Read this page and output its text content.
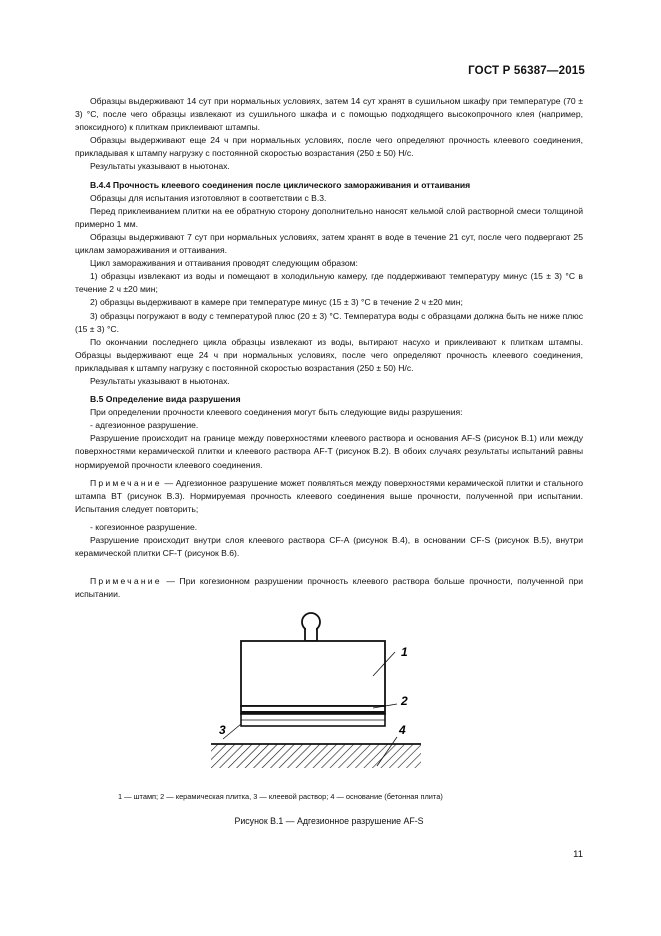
ГОСТ Р 56387—2015

Образцы выдерживают 14 сут при нормальных условиях, затем 14 сут хранят в сушильном шкафу при температуре (70 ± 3) °С, после чего образцы извлекают из сушильного шкафа и с помощью подходящего высокопрочного клея (например, эпоксидного) к плиткам приклеивают штампы.

Образцы выдерживают еще 24 ч при нормальных условиях, после чего определяют прочность клеевого соединения, прикладывая к штампу нагрузку с постоянной скоростью возрастания (250 ± 50) Н/с.

Результаты указывают в ньютонах.

В.4.4 Прочность клеевого соединения после циклического замораживания и оттаивания

Образцы для испытания изготовляют в соответствии с В.3.

Перед приклеиванием плитки на ее обратную сторону дополнительно наносят кельмой слой растворной смеси толщиной примерно 1 мм.

Образцы выдерживают 7 сут при нормальных условиях, затем хранят в воде в течение 21 сут, после чего подвергают 25 циклам замораживания и оттаивания.

Цикл замораживания и оттаивания проводят следующим образом:

1) образцы извлекают из воды и помещают в холодильную камеру, где поддерживают температуру минус (15 ± 3) °С в течение 2 ч ±20 мин;

2) образцы выдерживают в камере при температуре минус (15 ± 3) °С в течение 2 ч ±20 мин;

3) образцы погружают в воду с температурой плюс (20 ± 3) °С. Температура воды с образцами должна быть не ниже плюс (15 ± 3) °С.

По окончании последнего цикла образцы извлекают из воды, вытирают насухо и приклеивают к плиткам штампы. Образцы выдерживают еще 24 ч при нормальных условиях, после чего определяют прочность клеевого соединения, прикладывая к штампу нагрузку с постоянной скоростью возрастания (250 ± 50) Н/с.

Результаты указывают в ньютонах.

В.5 Определение вида разрушения

При определении прочности клеевого соединения могут быть следующие виды разрушения:

- адгезионное разрушение.

Разрушение происходит на границе между поверхностями клеевого раствора и основания AF-S (рисунок В.1) или между поверхностями керамической плитки и клеевого раствора AF-T (рисунок В.2). В обоих случаях результаты испытаний равны нормируемой прочности клеевого соединения.

Примечание — Адгезионное разрушение может появляться между поверхностями керамической плитки и стального штампа BT (рисунок В.3). Нормируемая прочность клеевого соединения выше прочности, полученной при испытании. Испытания следует повторить;

- когезионное разрушение.

Разрушение происходит внутри слоя клеевого раствора CF-A (рисунок В.4), в основании CF-S (рисунок В.5), внутри керамической плитки CF-T (рисунок В.6).

Примечание — При когезионном разрушении прочность клеевого раствора больше прочности, полученной при испытании.

1
2
3	4
1 — штамп; 2 — керамическая плитка, 3 — клеевой раствор; 4 — основание (бетонная плита)
Рисунок В.1 — Адгезионное разрушение AF-S
11
